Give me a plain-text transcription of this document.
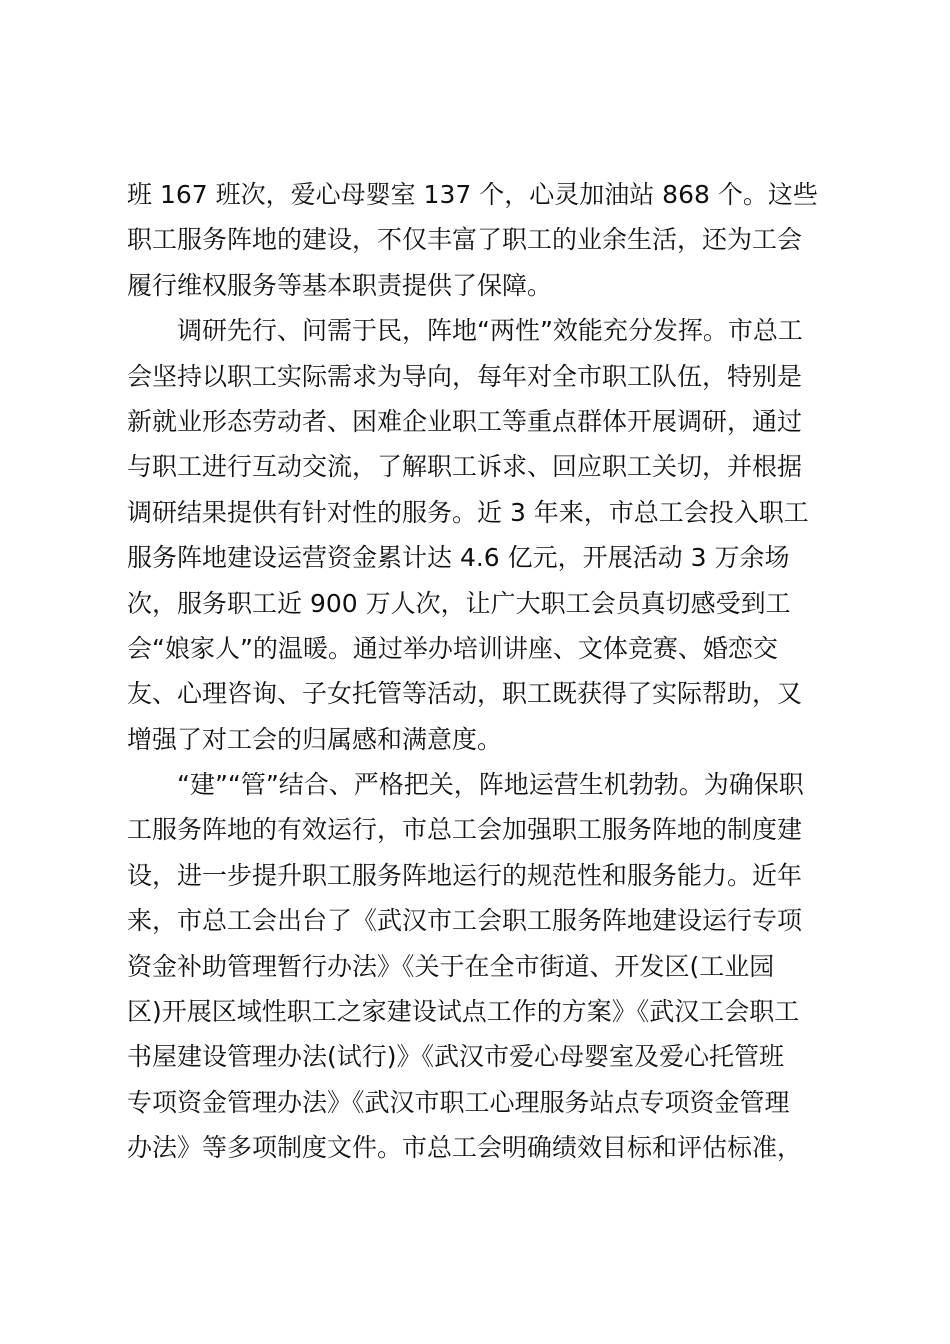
班 167 班次，爱心母婴室 137 个，心灵加油站 868 个。这些
职工服务阵地的建设，不仅丰富了职工的业余生活，还为工会
履行维权服务等基本职责提供了保障。
　　调研先行、问需于民，阵地“两性”效能充分发挥。市总工
会坚持以职工实际需求为导向，每年对全市职工队伍，特别是
新就业形态劳动者、困难企业职工等重点群体开展调研，通过
与职工进行互动交流，了解职工诉求、回应职工关切，并根据
调研结果提供有针对性的服务。近 3 年来，市总工会投入职工
服务阵地建设运营资金累计达 4.6 亿元，开展活动 3 万余场
次，服务职工近 900 万人次，让广大职工会员真切感受到工
会“娘家人”的温暖。通过举办培训讲座、文体竞赛、婚恋交
友、心理咨询、子女托管等活动，职工既获得了实际帮助，又
增强了对工会的归属感和满意度。
　　“建”“管”结合、严格把关，阵地运营生机勃勃。为确保职
工服务阵地的有效运行，市总工会加强职工服务阵地的制度建
设，进一步提升职工服务阵地运行的规范性和服务能力。近年
来，市总工会出台了《武汉市工会职工服务阵地建设运行专项
资金补助管理暂行办法》《关于在全市街道、开发区(工业园
区)开展区域性职工之家建设试点工作的方案》《武汉工会职工
书屋建设管理办法(试行)》《武汉市爱心母婴室及爱心托管班
专项资金管理办法》《武汉市职工心理服务站点专项资金管理
办法》等多项制度文件。市总工会明确绩效目标和评估标准，
